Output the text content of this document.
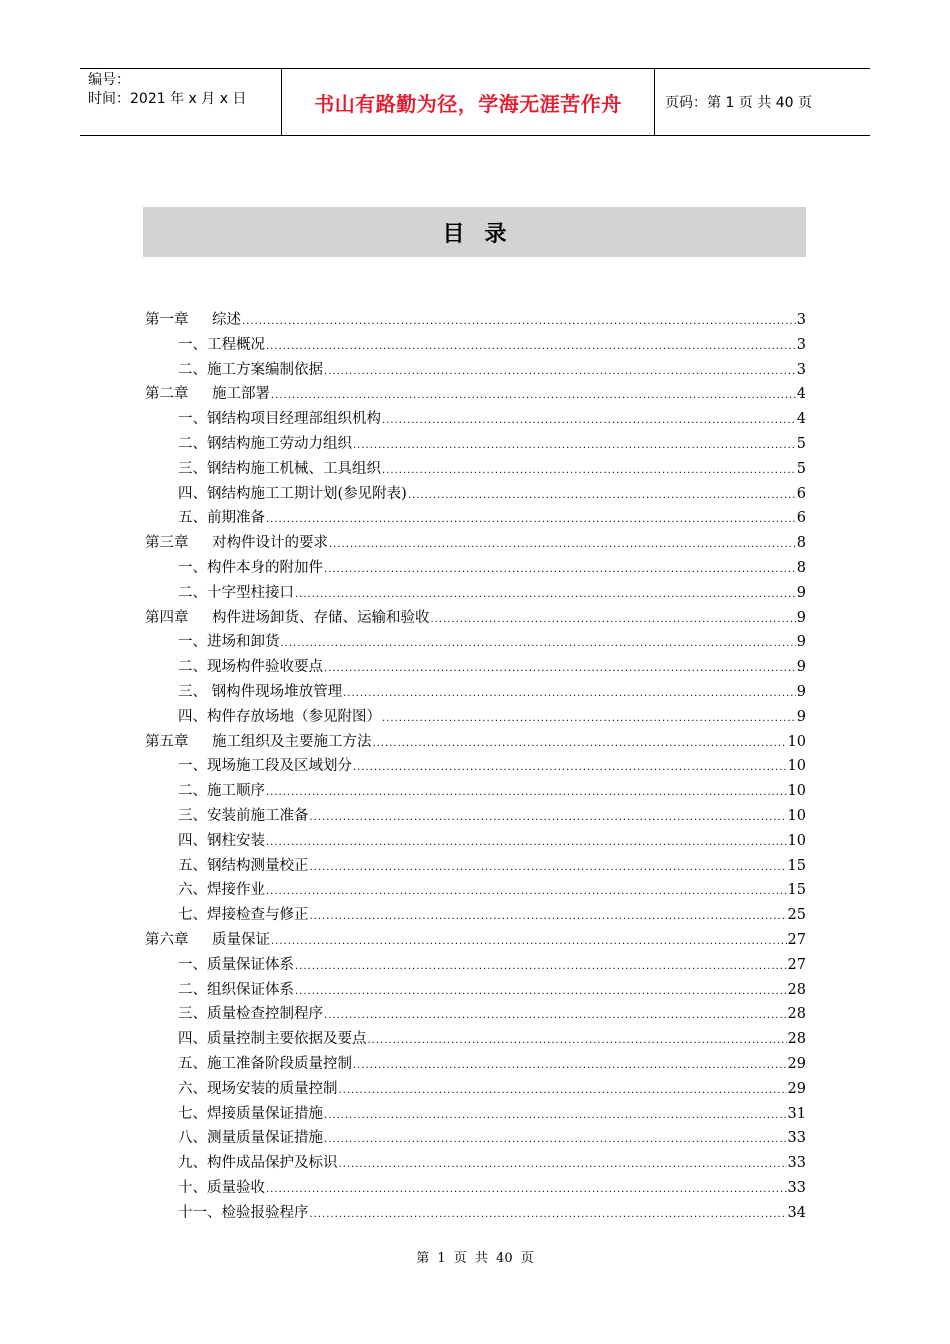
编号：
时间：2021 年 x 月 x 日	书山有路勤为径，学海无涯苦作舟	页码：第 1 页 共 40 页
目录
第一章 综述 .....	3
一、工程概况 .....	3
二、施工方案编制依据 .....	3
第二章 施工部署 .....	4
一、钢结构项目经理部组织机构 .....	4
二、钢结构施工劳动力组织 .....	5
三、钢结构施工机械、工具组织 .....	5
四、钢结构施工工期计划(参见附表) .....	6
五、前期准备 .....	6
第三章 对构件设计的要求 .....	8
一、构件本身的附加件 .....	8
二、十字型柱接口 .....	9
第四章 构件进场卸货、存储、运输和验收 .....	9
一、进场和卸货 .....	9
二、现场构件验收要点 .....	9
三、 钢构件现场堆放管理 .....	9
四、构件存放场地（参见附图） .....	9
第五章 施工组织及主要施工方法 .....	10
一、现场施工段及区域划分 .....	10
二、施工顺序 .....	10
三、安装前施工准备 .....	10
四、钢柱安装 .....	10
五、钢结构测量校正 .....	15
六、焊接作业 .....	15
七、焊接检查与修正 .....	25
第六章 质量保证 .....	27
一、质量保证体系 .....	27
二、组织保证体系 .....	28
三、质量检查控制程序 .....	28
四、质量控制主要依据及要点 .....	28
五、施工准备阶段质量控制 .....	29
六、现场安装的质量控制 .....	29
七、焊接质量保证措施 .....	31
八、测量质量保证措施 .....	33
九、构件成品保护及标识 .....	33
十、质量验收 .....	33
十一、检验报验程序 .....	34
第 1 页 共 40 页
